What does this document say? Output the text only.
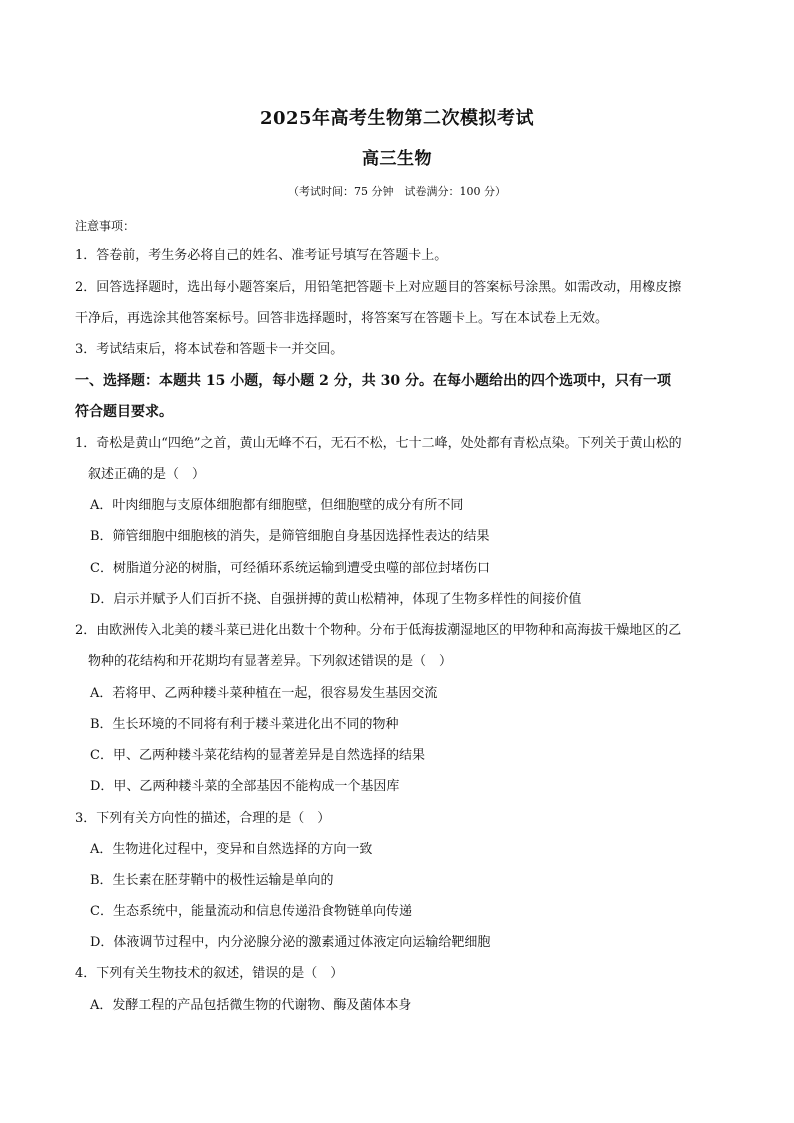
2025年高考生物第二次模拟考试
高三生物
（考试时间：75 分钟　试卷满分：100 分）
注意事项：
1．答卷前，考生务必将自己的姓名、准考证号填写在答题卡上。
2．回答选择题时，选出每小题答案后，用铅笔把答题卡上对应题目的答案标号涂黑。如需改动，用橡皮擦
干净后，再选涂其他答案标号。回答非选择题时，将答案写在答题卡上。写在本试卷上无效。
3．考试结束后，将本试卷和答题卡一并交回。
一、选择题：本题共 15 小题，每小题 2 分，共 30 分。在每小题给出的四个选项中，只有一项
符合题目要求。
1．奇松是黄山“四绝”之首，黄山无峰不石，无石不松，七十二峰，处处都有青松点染。下列关于黄山松的
叙述正确的是（　）
A．叶肉细胞与支原体细胞都有细胞壁，但细胞壁的成分有所不同
B．筛管细胞中细胞核的消失，是筛管细胞自身基因选择性表达的结果
C．树脂道分泌的树脂，可经循环系统运输到遭受虫噬的部位封堵伤口
D．启示并赋予人们百折不挠、自强拼搏的黄山松精神，体现了生物多样性的间接价值
2．由欧洲传入北美的耧斗菜已进化出数十个物种。分布于低海拔潮湿地区的甲物种和高海拔干燥地区的乙
物种的花结构和开花期均有显著差异。下列叙述错误的是（　）
A．若将甲、乙两种耧斗菜种植在一起，很容易发生基因交流
B．生长环境的不同将有利于耧斗菜进化出不同的物种
C．甲、乙两种耧斗菜花结构的显著差异是自然选择的结果
D．甲、乙两种耧斗菜的全部基因不能构成一个基因库
3．下列有关方向性的描述，合理的是（　）
A．生物进化过程中，变异和自然选择的方向一致
B．生长素在胚芽鞘中的极性运输是单向的
C．生态系统中，能量流动和信息传递沿食物链单向传递
D．体液调节过程中，内分泌腺分泌的激素通过体液定向运输给靶细胞
4．下列有关生物技术的叙述，错误的是（　）
A．发酵工程的产品包括微生物的代谢物、酶及菌体本身
